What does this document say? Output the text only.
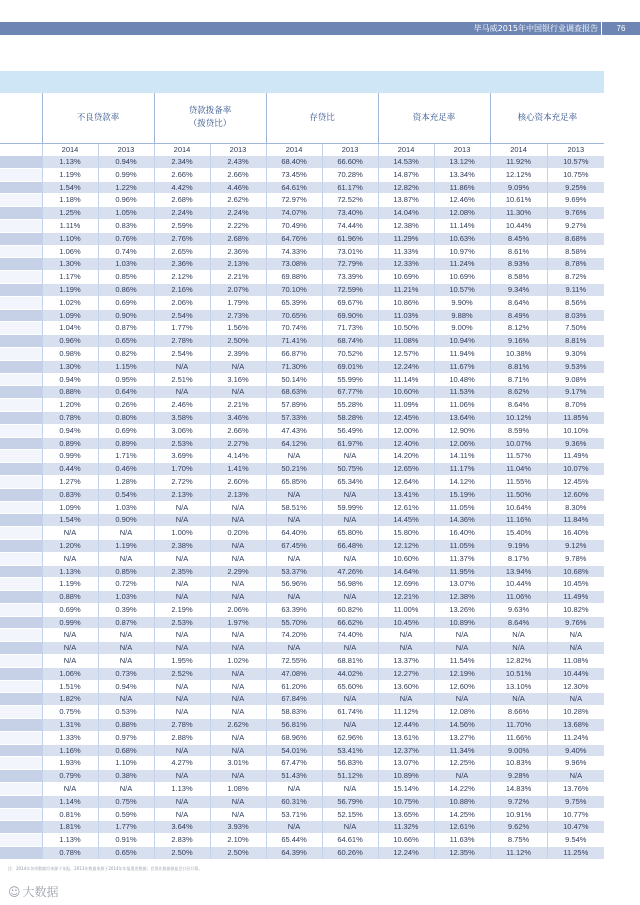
毕马威2015年中国银行业调查报告	76
	不良贷款率		贷款拨备率
（拨贷比）		存贷比		资本充足率		核心资本充足率	
	2014	2013	2014	2013	2014	2013	2014	2013	2014	2013
	1.13%	0.94%	2.34%	2.43%	68.40%	66.60%	14.53%	13.12%	11.92%	10.57%
	1.19%	0.99%	2.66%	2.66%	73.45%	70.28%	14.87%	13.34%	12.12%	10.75%
	1.54%	1.22%	4.42%	4.46%	64.61%	61.17%	12.82%	11.86%	9.09%	9.25%
	1.18%	0.96%	2.68%	2.62%	72.97%	72.52%	13.87%	12.46%	10.61%	9.69%
	1.25%	1.05%	2.24%	2.24%	74.07%	73.40%	14.04%	12.08%	11.30%	9.76%
	1.11%	0.83%	2.59%	2.22%	70.49%	74.44%	12.38%	11.14%	10.44%	9.27%
	1.10%	0.76%	2.76%	2.68%	64.76%	61.96%	11.29%	10.63%	8.45%	8.68%
	1.06%	0.74%	2.65%	2.36%	74.33%	73.01%	11.33%	10.97%	8.61%	8.58%
	1.30%	1.03%	2.36%	2.13%	73.08%	72.79%	12.33%	11.24%	8.93%	8.78%
	1.17%	0.85%	2.12%	2.21%	69.88%	73.39%	10.69%	10.69%	8.58%	8.72%
	1.19%	0.86%	2.16%	2.07%	70.10%	72.59%	11.21%	10.57%	9.34%	9.11%
	1.02%	0.69%	2.06%	1.79%	65.39%	69.67%	10.86%	9.90%	8.64%	8.56%
	1.09%	0.90%	2.54%	2.73%	70.65%	69.90%	11.03%	9.88%	8.49%	8.03%
	1.04%	0.87%	1.77%	1.56%	70.74%	71.73%	10.50%	9.00%	8.12%	7.50%
	0.96%	0.65%	2.78%	2.50%	71.41%	68.74%	11.08%	10.94%	9.16%	8.81%
	0.98%	0.82%	2.54%	2.39%	66.87%	70.52%	12.57%	11.94%	10.38%	9.30%
	1.30%	1.15%	N/A	N/A	71.30%	69.01%	12.24%	11.67%	8.81%	9.53%
	0.94%	0.95%	2.51%	3.16%	50.14%	55.99%	11.14%	10.48%	8.71%	9.08%
	0.88%	0.64%	N/A	N/A	68.63%	67.77%	10.60%	11.53%	8.62%	9.17%
	1.20%	0.26%	2.46%	2.21%	57.89%	55.28%	11.09%	11.06%	8.64%	8.70%
	0.78%	0.80%	3.58%	3.46%	57.33%	58.28%	12.45%	13.64%	10.12%	11.85%
	0.94%	0.69%	3.06%	2.66%	47.43%	56.49%	12.00%	12.90%	8.59%	10.10%
	0.89%	0.89%	2.53%	2.27%	64.12%	61.97%	12.40%	12.06%	10.07%	9.36%
	0.99%	1.71%	3.69%	4.14%	N/A	N/A	14.20%	14.11%	11.57%	11.49%
	0.44%	0.46%	1.70%	1.41%	50.21%	50.75%	12.65%	11.17%	11.04%	10.07%
	1.27%	1.28%	2.72%	2.60%	65.85%	65.34%	12.64%	14.12%	11.55%	12.45%
	0.83%	0.54%	2.13%	2.13%	N/A	N/A	13.41%	15.19%	11.50%	12.60%
	1.09%	1.03%	N/A	N/A	58.51%	59.99%	12.61%	11.05%	10.64%	8.30%
	1.54%	0.90%	N/A	N/A	N/A	N/A	14.45%	14.36%	11.16%	11.84%
	N/A	N/A	1.00%	0.20%	64.40%	65.80%	15.80%	16.40%	15.40%	16.40%
	1.20%	1.19%	2.38%	N/A	67.45%	66.48%	12.12%	11.05%	9.19%	9.12%
	N/A	N/A	N/A	N/A	N/A	N/A	10.60%	11.37%	8.17%	9.78%
	1.13%	0.85%	2.35%	2.29%	53.37%	47.26%	14.64%	11.95%	13.94%	10.68%
	1.19%	0.72%	N/A	N/A	56.96%	56.98%	12.69%	13.07%	10.44%	10.45%
	0.88%	1.03%	N/A	N/A	N/A	N/A	12.21%	12.38%	11.06%	11.49%
	0.69%	0.39%	2.19%	2.06%	63.39%	60.82%	11.00%	13.26%	9.63%	10.82%
	0.99%	0.87%	2.53%	1.97%	55.70%	66.62%	10.45%	10.89%	8.64%	9.76%
	N/A	N/A	N/A	N/A	74.20%	74.40%	N/A	N/A	N/A	N/A
	N/A	N/A	N/A	N/A	N/A	N/A	N/A	N/A	N/A	N/A
	N/A	N/A	1.95%	1.02%	72.55%	68.81%	13.37%	11.54%	12.82%	11.08%
	1.06%	0.73%	2.52%	N/A	47.08%	44.02%	12.27%	12.19%	10.51%	10.44%
	1.51%	0.94%	N/A	N/A	61.20%	65.60%	13.60%	12.60%	13.10%	12.30%
	1.82%	N/A	N/A	N/A	67.84%	N/A	N/A	N/A	N/A	N/A
	0.75%	0.53%	N/A	N/A	58.83%	61.74%	11.12%	12.08%	8.66%	10.28%
	1.31%	0.88%	2.78%	2.62%	56.81%	N/A	12.44%	14.56%	11.70%	13.68%
	1.33%	0.97%	2.88%	N/A	68.96%	62.96%	13.61%	13.27%	11.66%	11.24%
	1.16%	0.68%	N/A	N/A	54.01%	53.41%	12.37%	11.34%	9.00%	9.40%
	1.93%	1.10%	4.27%	3.01%	67.47%	56.83%	13.07%	12.25%	10.83%	9.96%
	0.79%	0.38%	N/A	N/A	51.43%	51.12%	10.89%	N/A	9.28%	N/A
	N/A	N/A	1.13%	1.08%	N/A	N/A	15.14%	14.22%	14.83%	13.76%
	1.14%	0.75%	N/A	N/A	60.31%	56.79%	10.75%	10.88%	9.72%	9.75%
	0.81%	0.59%	N/A	N/A	53.71%	52.15%	13.65%	14.25%	10.91%	10.77%
	1.81%	1.77%	3.64%	3.93%	N/A	N/A	11.32%	12.61%	9.62%	10.47%
	1.13%	0.91%	2.83%	2.10%	65.44%	64.61%	10.66%	11.63%	8.75%	9.54%
	0.78%	0.65%	2.50%	2.50%	64.39%	60.26%	12.24%	12.35%	11.12%	11.25%
注：2014年各项数据均来源于年报，2013年数据来源于2014年年报重述数据；存贷比根据银监会口径计算。
☺ 大数据
